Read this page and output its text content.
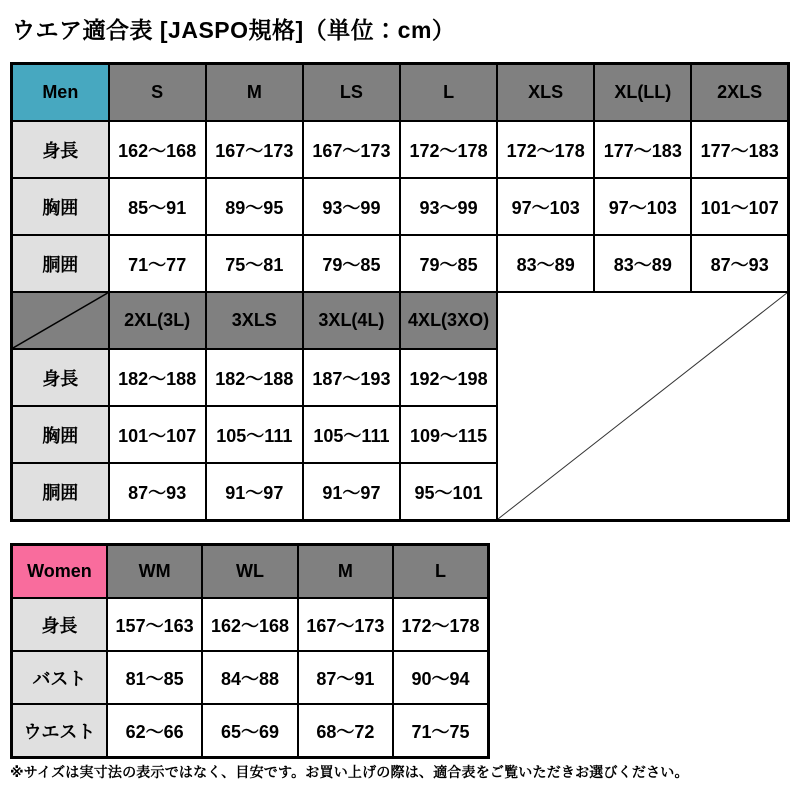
ウエア適合表 [JASPO規格]（単位：cm）
Men	S	M	LS	L	XLS	XL(LL)	2XLS
身長	162～168	167～173	167～173	172～178	172～178	177～183	177～183
胸囲	85～91	89～95	93～99	93～99	97～103	97～103	101～107
胴囲	71～77	75～81	79～85	79～85	83～89	83～89	87～93

	2XL(3L)	3XLS	3XL(4L)	4XL(3XO)	

身長	182～188	182～188	187～193	192～198			
胸囲	101～107	105～111	105～111	109～115			
胴囲	87～93	91～97	91～97	95～101			
Women	WM	WL	M	L
身長	157～163	162～168	167～173	172～178
バスト	81～85	84～88	87～91	90～94
ウエスト	62～66	65～69	68～72	71～75

※サイズは実寸法の表示ではなく、目安です。お買い上げの際は、適合表をご覧いただきお選びください。
